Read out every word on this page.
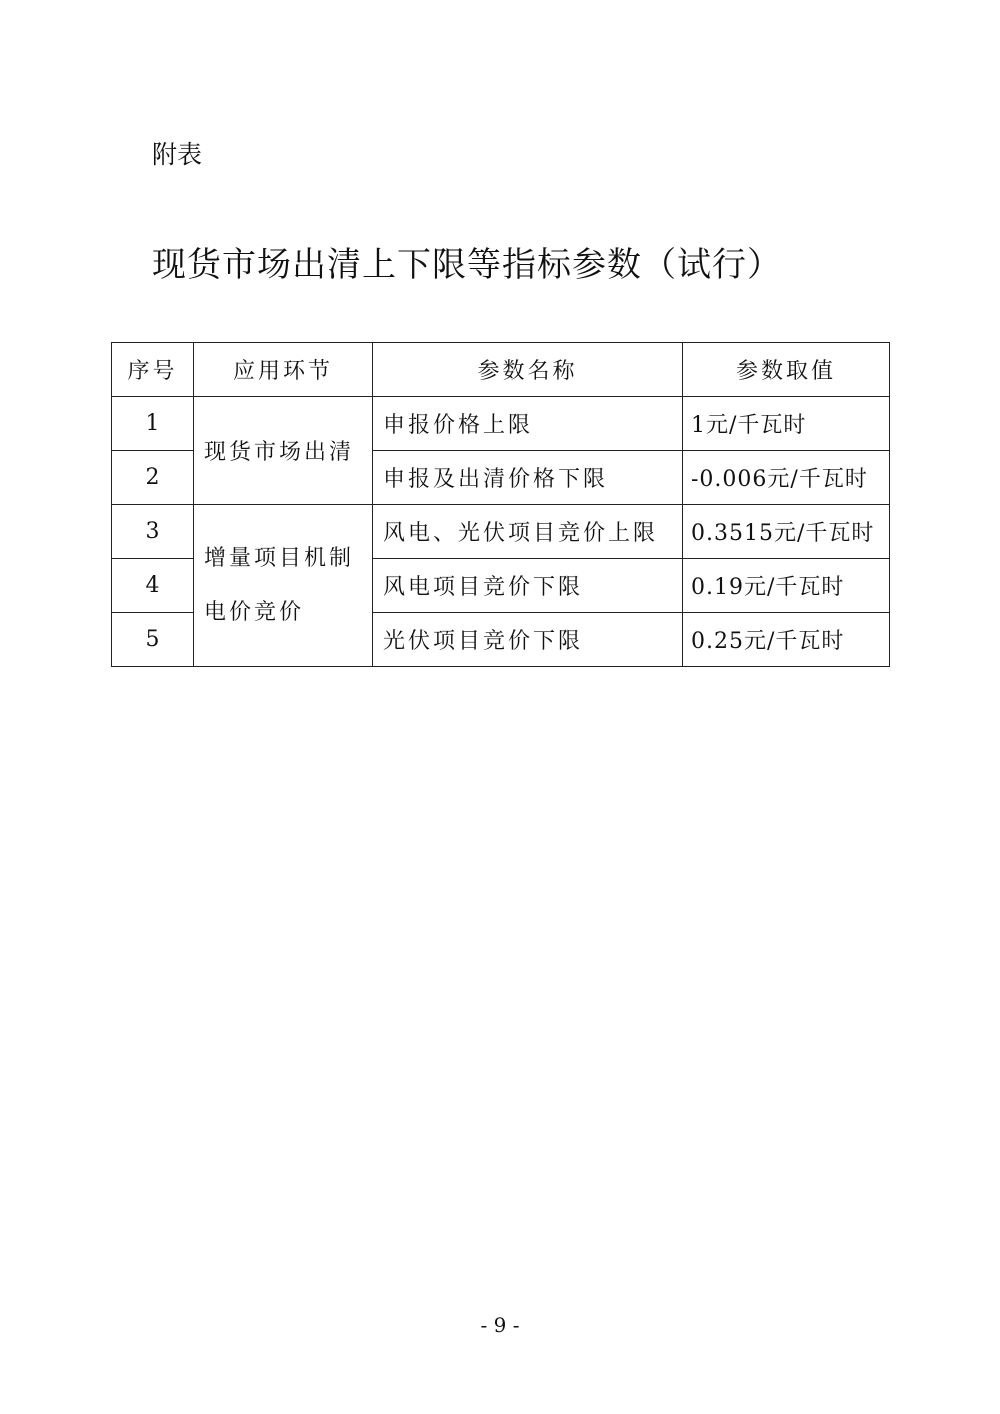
附表
现货市场出清上下限等指标参数（试行）
序号	应用环节	参数名称	参数取值
1	现货市场出清	申报价格上限	1元/千瓦时
2		申报及出清价格下限	-0.006元/千瓦时
3	增量项目机制电价竞价	风电、光伏项目竞价上限	0.3515元/千瓦时
4		风电项目竞价下限	0.19元/千瓦时
5		光伏项目竞价下限	0.25元/千瓦时
- 9 -
